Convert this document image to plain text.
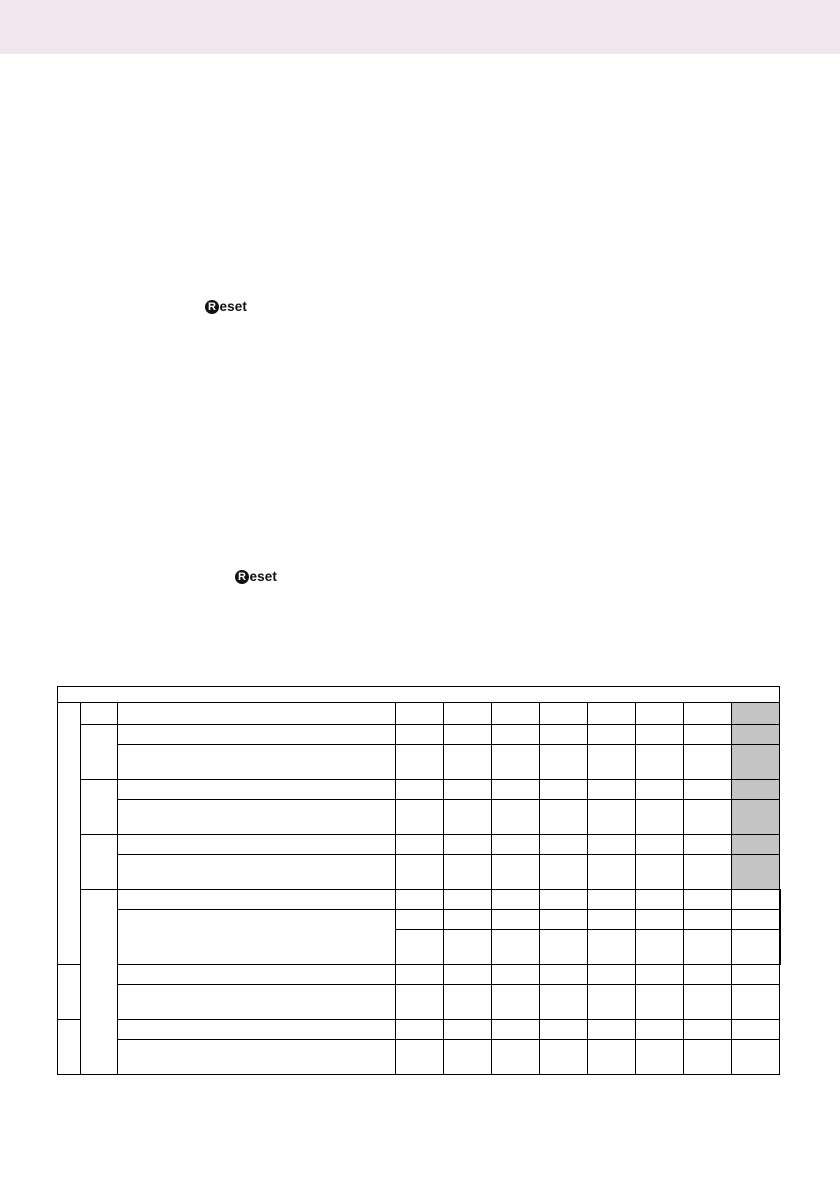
R eset
R eset
